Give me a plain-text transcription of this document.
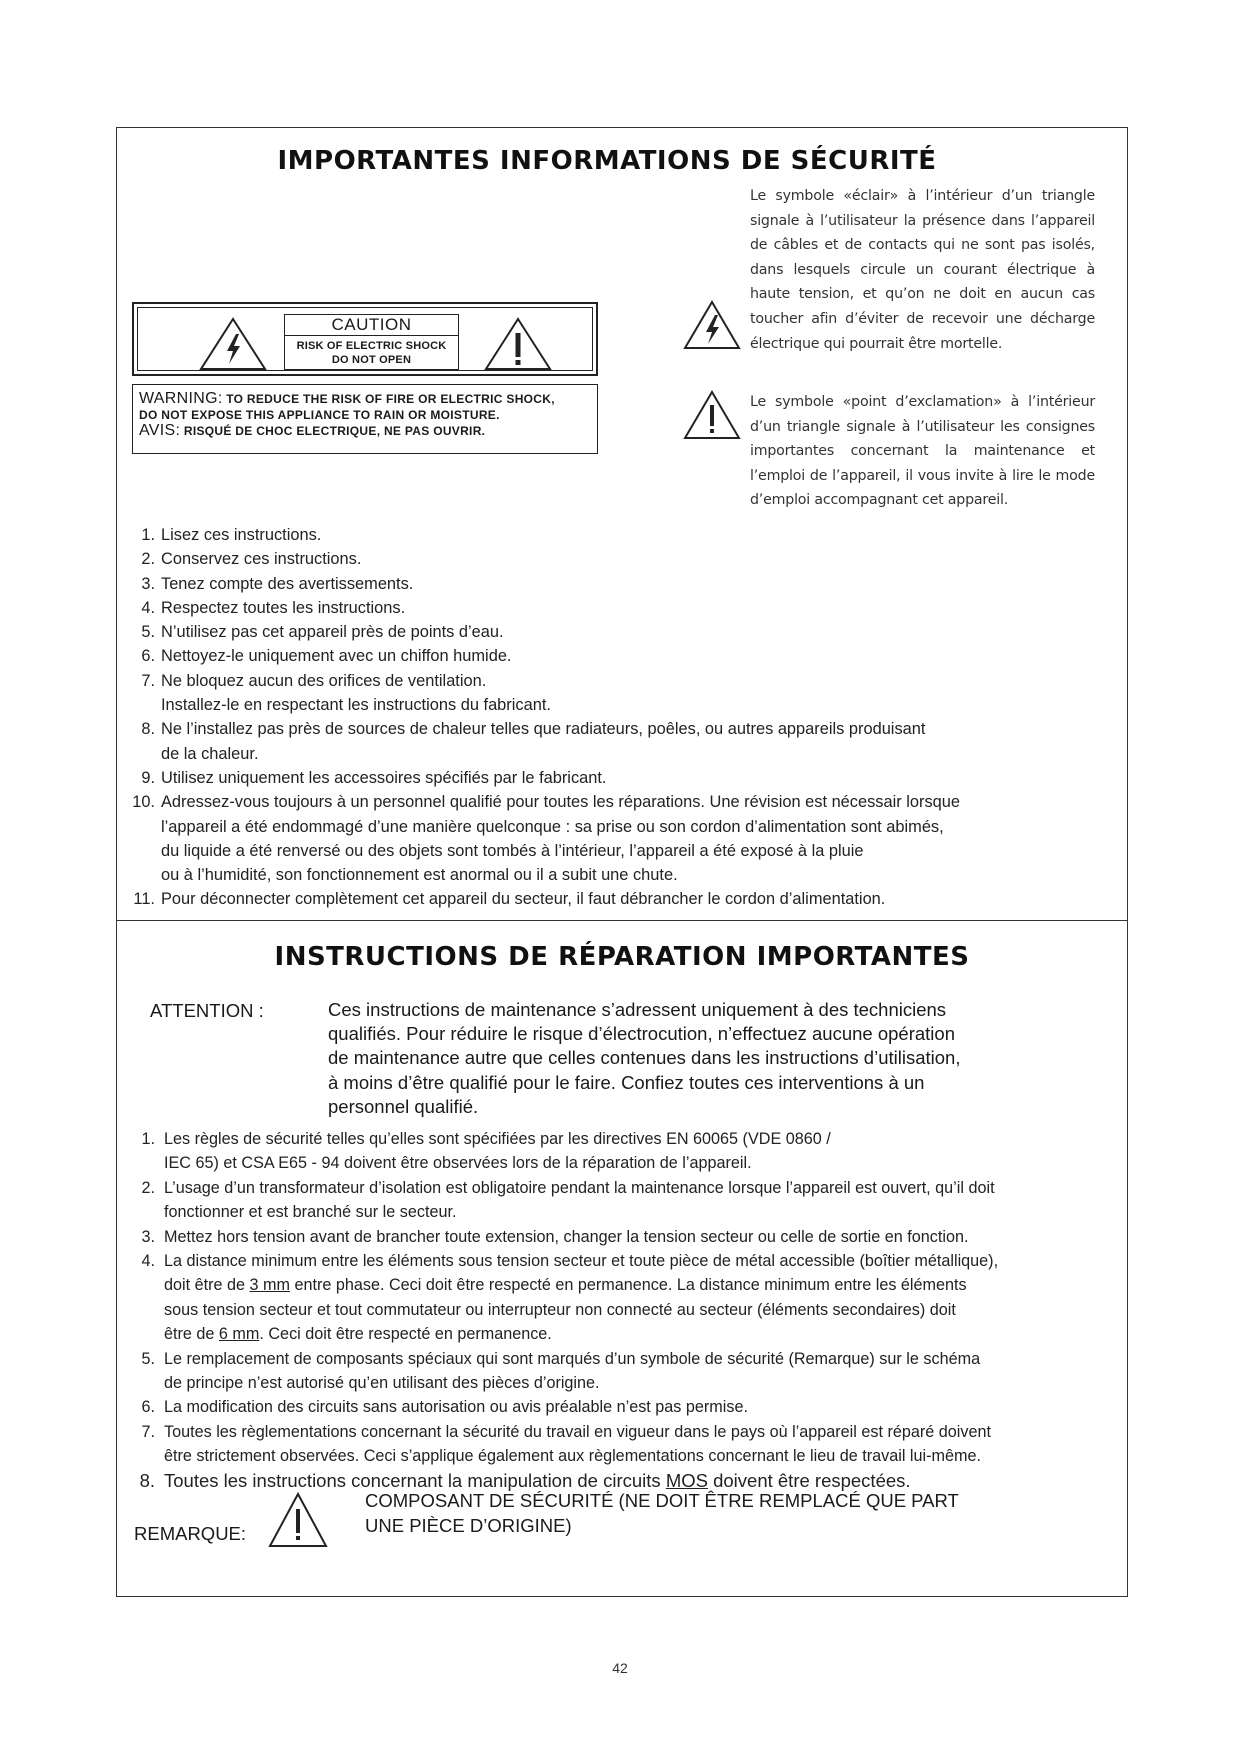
IMPORTANTES INFORMATIONS DE SÉCURITÉ
CAUTION
RISK OF ELECTRIC SHOCK
DO NOT OPEN
WARNING: TO REDUCE THE RISK OF FIRE OR ELECTRIC SHOCK,
DO NOT EXPOSE THIS APPLIANCE TO RAIN OR MOISTURE.
AVIS: RISQUÉ DE CHOC ELECTRIQUE, NE PAS OUVRIR.
Le symbole «éclair» à l’intérieur d’un triangle signale à l’utilisateur la présence dans l’appareil de câbles et de contacts qui ne sont pas isolés, dans lesquels circule un courant électrique à haute tension, et qu’on ne doit en aucun cas toucher afin d’éviter de recevoir une décharge électrique qui pourrait être mortelle.
Le symbole «point d’exclamation» à l’intérieur d’un triangle signale à l’utilisateur les consignes importantes concernant la maintenance et l’emploi de l’appareil, il vous invite à lire le mode d’emploi accompagnant cet appareil.
1. Lisez ces instructions.
2. Conservez ces instructions.
3. Tenez compte des avertissements.
4. Respectez toutes les instructions.
5. N’utilisez pas cet appareil près de points d’eau.
6. Nettoyez-le uniquement avec un chiffon humide.
7. Ne bloquez aucun des orifices de ventilation.
Installez-le en respectant les instructions du fabricant.
8. Ne l’installez pas près de sources de chaleur telles que radiateurs, poêles, ou autres appareils produisant
de la chaleur.
9. Utilisez uniquement les accessoires spécifiés par le fabricant.
10. Adressez-vous toujours à un personnel qualifié pour toutes les réparations. Une révision est nécessair lorsque
l’appareil a été endommagé d’une manière quelconque : sa prise ou son cordon d’alimentation sont abimés,
du liquide a été renversé ou des objets sont tombés à l’intérieur, l’appareil a été exposé à la pluie
ou à l’humidité, son fonctionnement est anormal ou il a subit une chute.
11. Pour déconnecter complètement cet appareil du secteur, il faut débrancher le cordon d’alimentation.
INSTRUCTIONS DE RÉPARATION IMPORTANTES
ATTENTION :	Ces instructions de maintenance s’adressent uniquement à des techniciens
qualifiés. Pour réduire le risque d’électrocution, n’effectuez aucune opération
de maintenance autre que celles contenues dans les instructions d’utilisation,
à moins d’être qualifié pour le faire. Confiez toutes ces interventions à un
personnel qualifié.
1. Les règles de sécurité telles qu’elles sont spécifiées par les directives EN 60065 (VDE 0860 /
IEC 65) et CSA E65 - 94 doivent être observées lors de la réparation de l’appareil.
2. L’usage d’un transformateur d’isolation est obligatoire pendant la maintenance lorsque l’appareil est ouvert, qu’il doit
fonctionner et est branché sur le secteur.
3. Mettez hors tension avant de brancher toute extension, changer la tension secteur ou celle de sortie en fonction.
4. La distance minimum entre les éléments sous tension secteur et toute pièce de métal accessible (boîtier métallique),
doit être de 3 mm entre phase. Ceci doit être respecté en permanence. La distance minimum entre les éléments
sous tension secteur et tout commutateur ou interrupteur non connecté au secteur (éléments secondaires) doit
être de 6 mm. Ceci doit être respecté en permanence.
5. Le remplacement de composants spéciaux qui sont marqués d’un symbole de sécurité (Remarque) sur le schéma
de principe n’est autorisé qu’en utilisant des pièces d’origine.
6. La modification des circuits sans autorisation ou avis préalable n’est pas permise.
7. Toutes les règlementations concernant la sécurité du travail en vigueur dans le pays où l’appareil est réparé doivent
être strictement observées. Ceci s’applique également aux règlementations concernant le lieu de travail lui-même.
8. Toutes les instructions concernant la manipulation de circuits MOS doivent être respectées.
REMARQUE:
COMPOSANT DE SÉCURITÉ (NE DOIT ÊTRE REMPLACÉ QUE PART
UNE PIÈCE D’ORIGINE)
42
